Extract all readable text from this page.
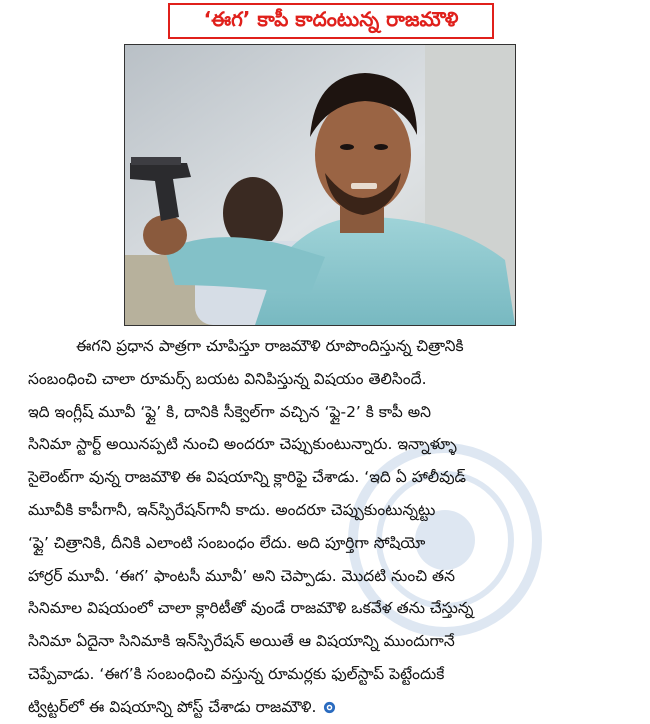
‘ఈగ’ కాపీ కాదంటున్న రాజమౌళి
ఈగని ప్రధాన పాత్రగా చూపిస్తూ రాజమౌళి రూపొందిస్తున్న చిత్రానికి
సంబంధించి చాలా రూమర్స్ బయట వినిపిస్తున్న విషయం తెలిసిందే.
ఇది ఇంగ్లీష్ మూవీ ‘ఫ్లై’ కి, దానికి సీక్వెల్‌గా వచ్చిన ‘ఫ్లై-2’ కి కాపీ అని
సినిమా స్టార్ట్ అయినప్పటి నుంచి అందరూ చెప్పుకుంటున్నారు. ఇన్నాళ్ళూ
సైలెంట్‌గా వున్న రాజమౌళి ఈ విషయాన్ని క్లారిఫై చేశాడు. ‘ఇది ఏ హాలీవుడ్
మూవీకి కాపీగానీ, ఇన్‌స్పిరేషన్‌గానీ కాదు. అందరూ చెప్పుకుంటున్నట్టు
‘ఫ్లై’ చిత్రానికి, దీనికి ఎలాంటి సంబంధం లేదు. అది పూర్తిగా సోషియో
హార్రర్ మూవీ. ‘ఈగ’ ఫాంటసీ మూవీ’ అని చెప్పాడు. మొదటి నుంచి తన
సినిమాల విషయంలో చాలా క్లారిటీతో వుండే రాజమౌళి ఒకవేళ తను చేస్తున్న
సినిమా ఏదైనా సినిమాకి ఇన్‌స్పిరేషన్ అయితే ఆ విషయాన్ని ముందుగానే
చెప్పేవాడు. ‘ఈగ’కి సంబంధించి వస్తున్న రూమర్లకు ఫుల్‌స్టాప్ పెట్టేందుకే
ట్విట్టర్‌లో ఈ విషయాన్ని పోస్ట్ చేశాడు రాజమౌళి.
